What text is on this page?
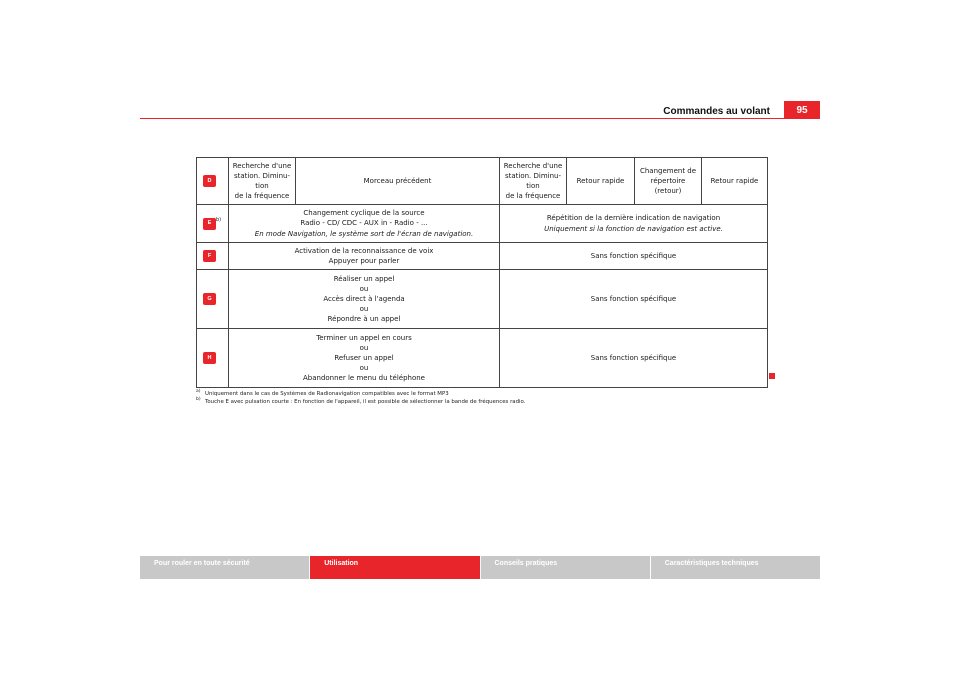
Commandes au volant	95
D	Recherche d'une
station. Diminu-
tion
de la fréquence	Morceau précédent	Recherche d'une
station. Diminu-
tion
de la fréquence	Retour rapide	Changement de
répertoire
(retour)	Retour rapide
$E^{b)}$	Changement cyclique de la source
Radio - CD/ CDC - AUX in - Radio - ...
En mode Navigation, le système sort de l'écran de navigation.		Répétition de la dernière indication de navigation
Uniquement si la fonction de navigation est active.			

F	Activation de la reconnaissance de voix
Appuyer pour parler		Sans fonction spécifique			
G	Réaliser un appel
ou
Accès direct à l'agenda
ou
Répondre à un appel		Sans fonction spécifique			
H	Terminer un appel en cours
ou
Refuser un appel
ou
Abandonner le menu du téléphone		Sans fonction spécifique			
a) Uniquement dans le cas de Systèmes de Radionavigation compatibles avec le format MP3
b) Touche E avec pulsation courte : En fonction de l'appareil, il est possible de sélectionner la bande de fréquences radio.
Pour rouler en toute sécurité	Utilisation	Conseils pratiques	Caractéristiques techniques
